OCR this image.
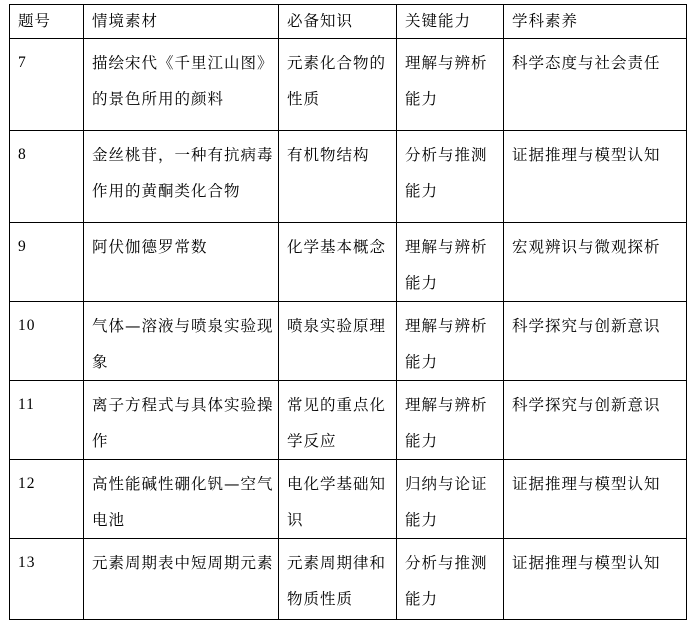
题号	情境素材	必备知识	关键能力	学科素养

7	描绘宋代《千里江山图》的景色所用的颜料	元素化合物的性质	理解与辨析能力	科学态度与社会责任

8	金丝桃苷，一种有抗病毒作用的黄酮类化合物	有机物结构	分析与推测能力	证据推理与模型认知

9	阿伏伽德罗常数	化学基本概念	理解与辨析能力	宏观辨识与微观探析

10	气体—溶液与喷泉实验现象	喷泉实验原理	理解与辨析能力	科学探究与创新意识

11	离子方程式与具体实验操作	常见的重点化学反应	理解与辨析能力	科学探究与创新意识

12	高性能碱性硼化钒—空气电池	电化学基础知识	归纳与论证能力	证据推理与模型认知

13	元素周期表中短周期元素	元素周期律和物质性质	分析与推测能力	证据推理与模型认知
